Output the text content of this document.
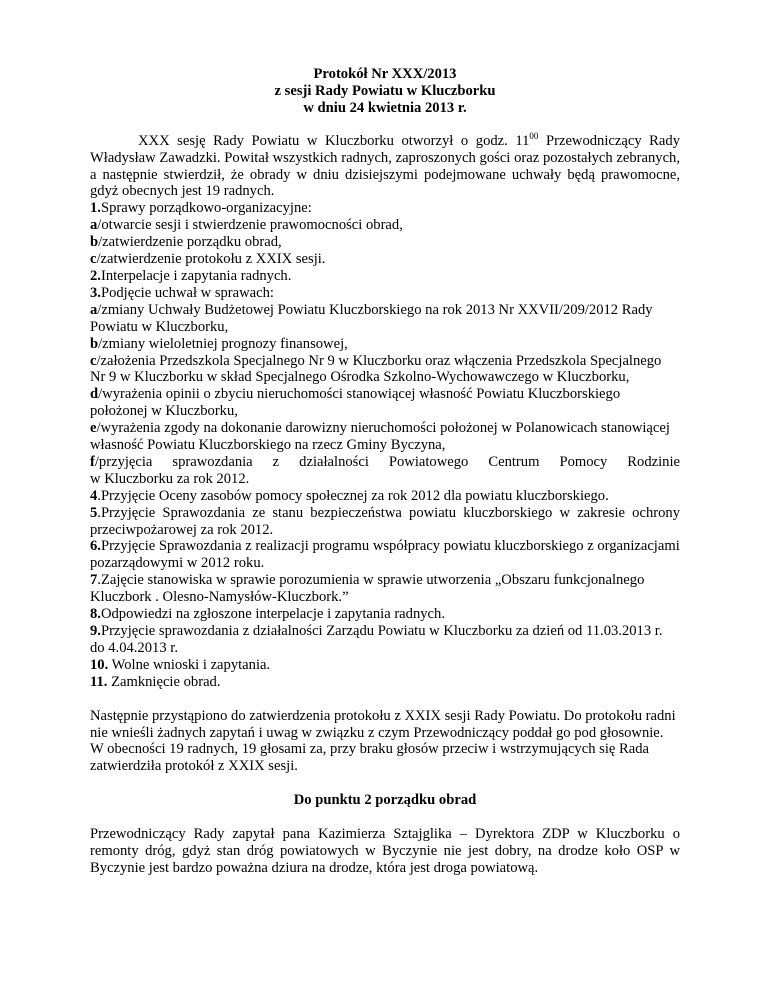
Protokół Nr XXX/2013
z sesji Rady Powiatu w Kluczborku
w dniu 24 kwietnia 2013 r.
XXX sesję Rady Powiatu w Kluczborku otworzył o godz. $11^{00}$ Przewodniczący Rady Władysław Zawadzki. Powitał wszystkich radnych, zaproszonych gości oraz pozostałych zebranych, a następnie stwierdził, że obrady w dniu dzisiejszymi podejmowane uchwały będą prawomocne, gdyż obecnych jest 19 radnych.
1.Sprawy porządkowo-organizacyjne:
a/otwarcie sesji i stwierdzenie prawomocności obrad,
b/zatwierdzenie porządku obrad,
c/zatwierdzenie protokołu z XXIX sesji.
2.Interpelacje i zapytania radnych.
3.Podjęcie uchwał w sprawach:
a/zmiany Uchwały Budżetowej Powiatu Kluczborskiego na rok 2013 Nr XXVII/209/2012 Rady Powiatu w Kluczborku,
b/zmiany wieloletniej prognozy finansowej,
c/założenia Przedszkola Specjalnego Nr 9 w Kluczborku oraz włączenia Przedszkola Specjalnego Nr 9 w Kluczborku w skład Specjalnego Ośrodka Szkolno-Wychowawczego w Kluczborku,
d/wyrażenia opinii o zbyciu nieruchomości stanowiącej własność Powiatu Kluczborskiego położonej w Kluczborku,
e/wyrażenia zgody na dokonanie darowizny nieruchomości położonej w Polanowicach stanowiącej własność Powiatu Kluczborskiego na rzecz Gminy Byczyna,
f/przyjęcia sprawozdania z działalności Powiatowego Centrum Pomocy Rodzinie
w Kluczborku za rok 2012.
4.Przyjęcie Oceny zasobów pomocy społecznej za rok 2012 dla powiatu kluczborskiego.
5.Przyjęcie Sprawozdania ze stanu bezpieczeństwa powiatu kluczborskiego w zakresie ochrony przeciwpożarowej za rok 2012.
6.Przyjęcie Sprawozdania z realizacji programu współpracy powiatu kluczborskiego z organizacjami pozarządowymi w 2012 roku.
7.Zajęcie stanowiska w sprawie porozumienia w sprawie utworzenia „Obszaru funkcjonalnego Kluczbork . Olesno-Namysłów-Kluczbork.”
8.Odpowiedzi na zgłoszone interpelacje i zapytania radnych.
9.Przyjęcie sprawozdania z działalności Zarządu Powiatu w Kluczborku za dzień od 11.03.2013 r. do 4.04.2013 r.
10. Wolne wnioski i zapytania.
11. Zamknięcie obrad.
Następnie przystąpiono do zatwierdzenia protokołu z XXIX sesji Rady Powiatu. Do protokołu radni nie wnieśli żadnych zapytań i uwag w związku z czym Przewodniczący poddał go pod głosownie. W obecności 19 radnych, 19 głosami za, przy braku głosów przeciw i wstrzymujących się Rada zatwierdziła protokół z XXIX sesji.
Do punktu 2 porządku obrad
Przewodniczący Rady zapytał pana Kazimierza Sztajglika – Dyrektora ZDP w Kluczborku o remonty dróg, gdyż stan dróg powiatowych w Byczynie nie jest dobry, na drodze koło OSP w Byczynie jest bardzo poważna dziura na drodze, która jest droga powiatową.
